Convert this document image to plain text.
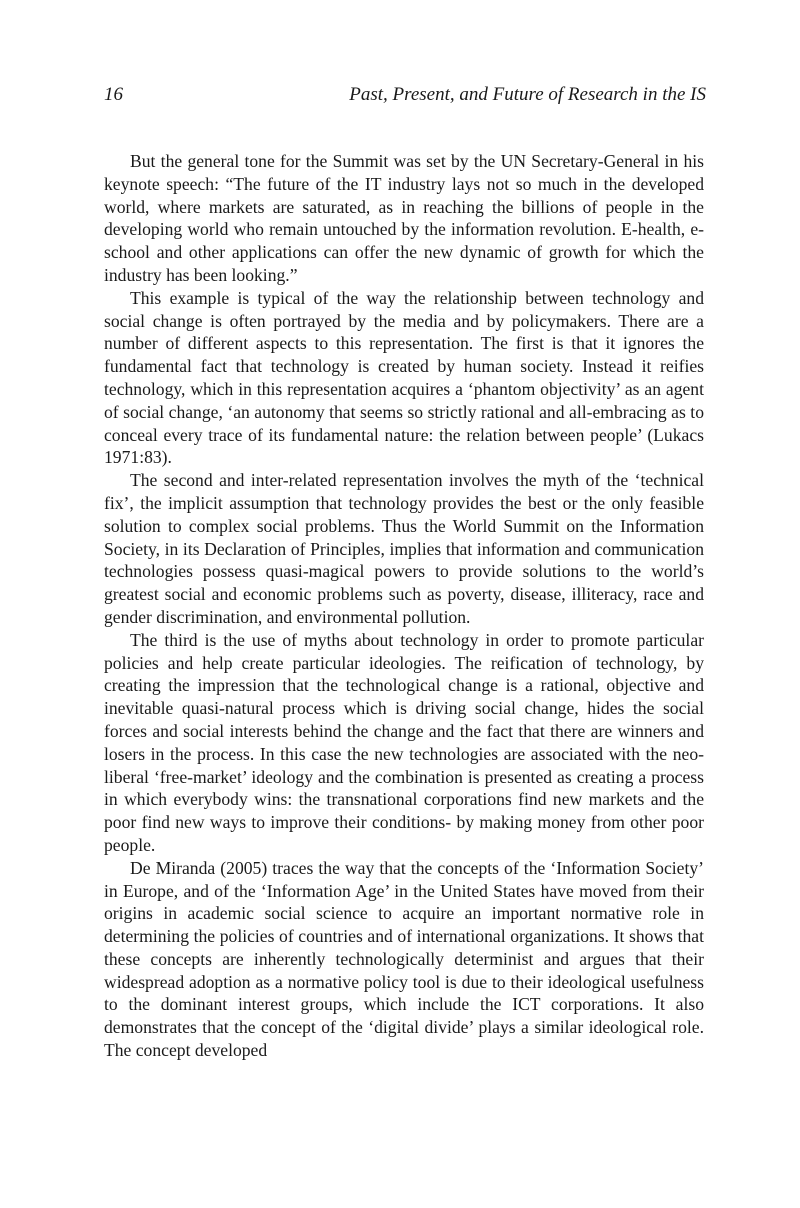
16	Past, Present, and Future of Research in the IS

But the general tone for the Summit was set by the UN Secretary-General in his keynote speech: “The future of the IT industry lays not so much in the developed world, where markets are saturated, as in reaching the billions of people in the developing world who remain untouched by the information revolution. E-health, e-school and other applications can offer the new dynamic of growth for which the industry has been looking.”

This example is typical of the way the relationship between technology and social change is often portrayed by the media and by policymakers. There are a number of different aspects to this representation. The first is that it ignores the fundamental fact that technology is created by human society. Instead it reifies technology, which in this representation acquires a ‘phantom objectivity’ as an agent of social change, ‘an autonomy that seems so strictly rational and all-embracing as to conceal every trace of its fundamental nature: the relation between people’ (Lukacs 1971:83).

The second and inter-related representation involves the myth of the ‘technical fix’, the implicit assumption that technology provides the best or the only feasible solution to complex social problems. Thus the World Summit on the Information Society, in its Declaration of Principles, implies that information and communication technologies possess quasi-magical powers to provide solutions to the world’s greatest social and economic problems such as poverty, disease, illiteracy, race and gender discrimination, and environmental pollution.

The third is the use of myths about technology in order to promote particular policies and help create particular ideologies. The reification of technology, by creating the impression that the technological change is a rational, objective and inevitable quasi-natural process which is driving social change, hides the social forces and social interests behind the change and the fact that there are winners and losers in the process. In this case the new technologies are associated with the neo-liberal ‘free-market’ ideology and the combination is presented as creating a process in which everybody wins: the transnational corporations find new markets and the poor find new ways to improve their conditions- by making money from other poor people.

De Miranda (2005) traces the way that the concepts of the ‘Information Society’ in Europe, and of the ‘Information Age’ in the United States have moved from their origins in academic social science to acquire an important normative role in determining the policies of countries and of international organizations. It shows that these concepts are inherently technologically determinist and argues that their widespread adoption as a normative policy tool is due to their ideological usefulness to the dominant interest groups, which include the ICT corporations. It also demonstrates that the concept of the ‘digital divide’ plays a similar ideological role. The concept developed
